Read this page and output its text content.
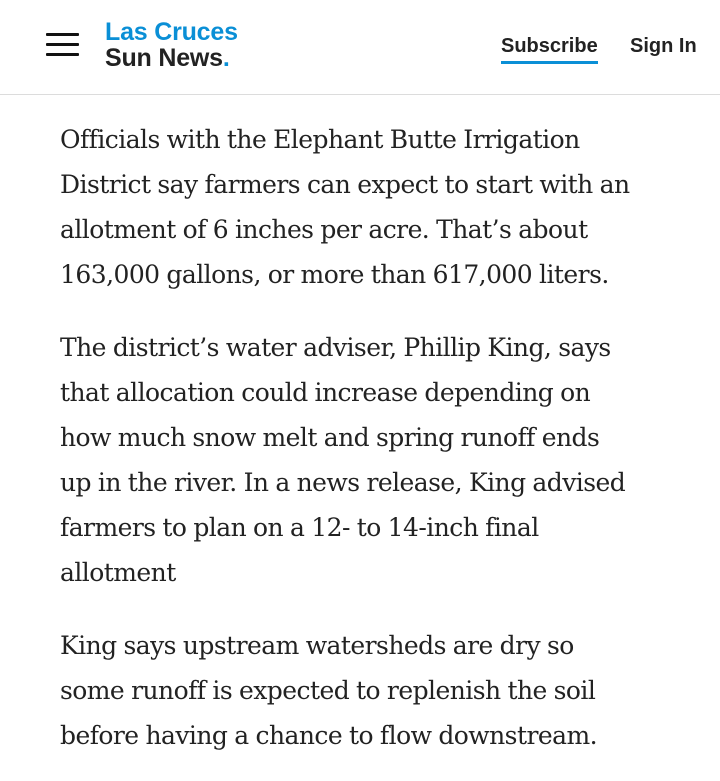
Las Cruces
Sun News.	Subscribe Sign In

Officials with the Elephant Butte Irrigation
District say farmers can expect to start with an
allotment of 6 inches per acre. That’s about
163,000 gallons, or more than 617,000 liters.

The district’s water adviser, Phillip King, says
that allocation could increase depending on
how much snow melt and spring runoff ends
up in the river. In a news release, King advised
farmers to plan on a 12- to 14-inch final
allotment

King says upstream watersheds are dry so
some runoff is expected to replenish the soil
before having a chance to flow downstream.
